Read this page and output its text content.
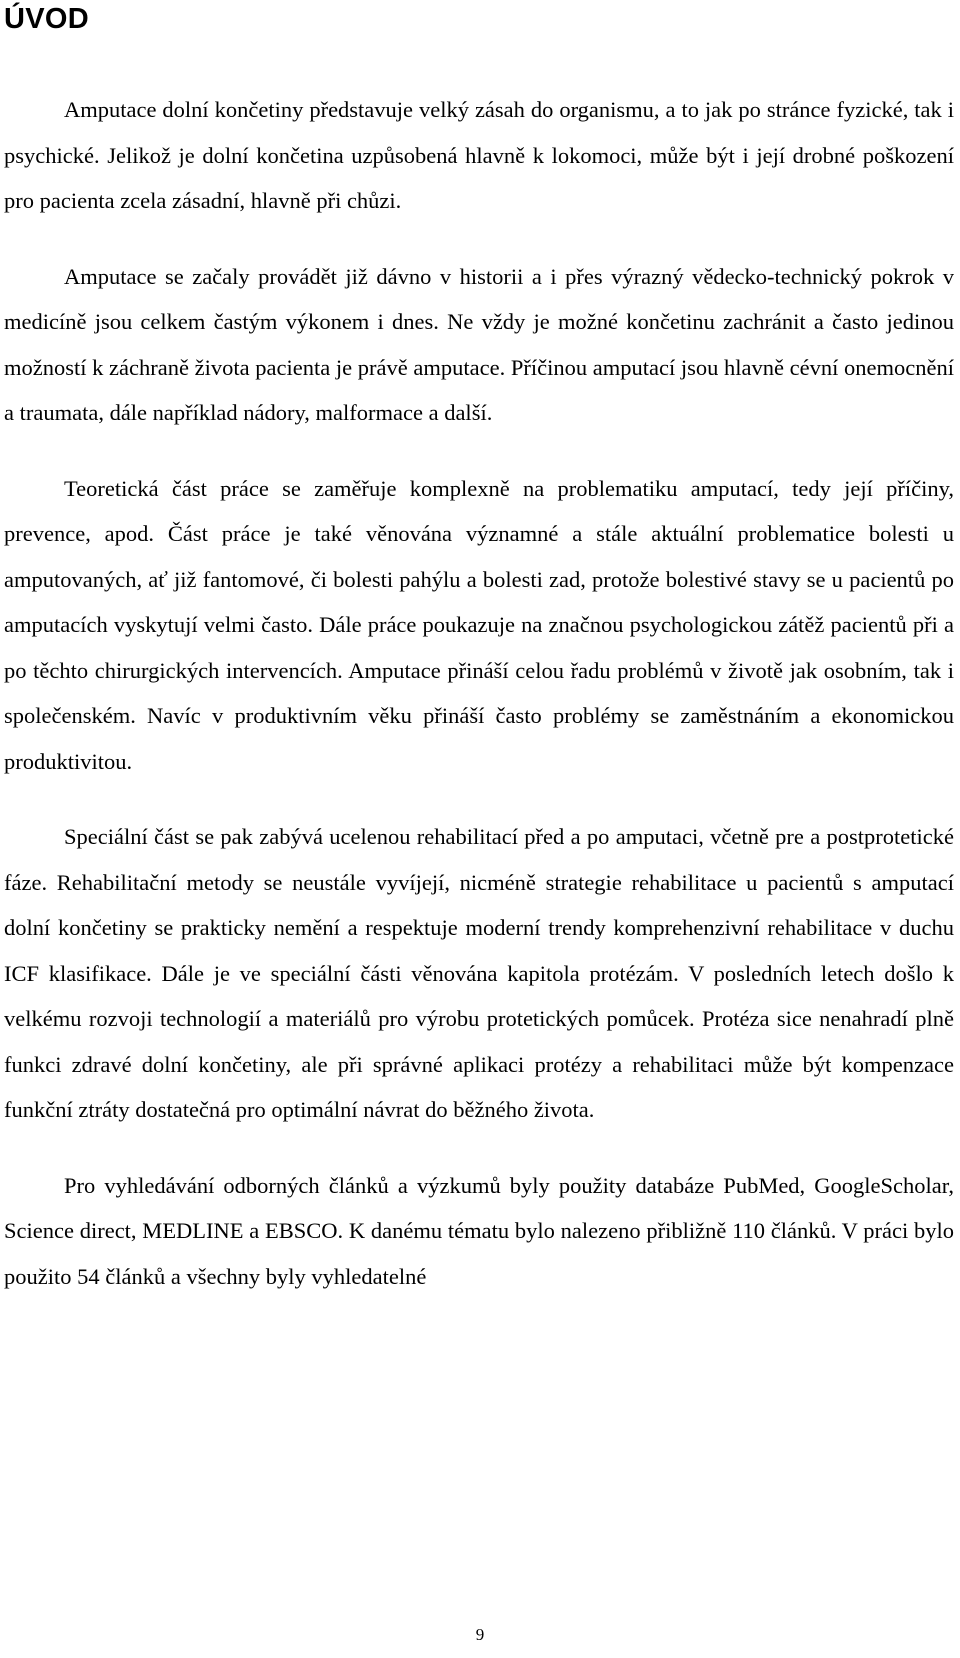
ÚVOD

Amputace dolní končetiny představuje velký zásah do organismu, a to jak po stránce fyzické, tak i psychické. Jelikož je dolní končetina uzpůsobená hlavně k lokomoci, může být i její drobné poškození pro pacienta zcela zásadní, hlavně při chůzi.

Amputace se začaly provádět již dávno v historii a i přes výrazný vědecko-technický pokrok v medicíně jsou celkem častým výkonem i dnes. Ne vždy je možné končetinu zachránit a často jedinou možností k záchraně života pacienta je právě amputace. Příčinou amputací jsou hlavně cévní onemocnění a traumata, dále například nádory, malformace a další.

Teoretická část práce se zaměřuje komplexně na problematiku amputací, tedy její příčiny, prevence, apod. Část práce je také věnována významné a stále aktuální problematice bolesti u amputovaných, ať již fantomové, či bolesti pahýlu a bolesti zad, protože bolestivé stavy se u pacientů po amputacích vyskytují velmi často. Dále práce poukazuje na značnou psychologickou zátěž pacientů při a po těchto chirurgických intervencích. Amputace přináší celou řadu problémů v životě jak osobním, tak i společenském. Navíc v produktivním věku přináší často problémy se zaměstnáním a ekonomickou produktivitou.

Speciální část se pak zabývá ucelenou rehabilitací před a po amputaci, včetně pre a postprotetické fáze. Rehabilitační metody se neustále vyvíjejí, nicméně strategie rehabilitace u pacientů s amputací dolní končetiny se prakticky nemění a respektuje moderní trendy komprehenzivní rehabilitace v duchu ICF klasifikace. Dále je ve speciální části věnována kapitola protézám. V posledních letech došlo k velkému rozvoji technologií a materiálů pro výrobu protetických pomůcek. Protéza sice nenahradí plně funkci zdravé dolní končetiny, ale při správné aplikaci protézy a rehabilitaci může být kompenzace funkční ztráty dostatečná pro optimální návrat do běžného života.

Pro vyhledávání odborných článků a výzkumů byly použity databáze PubMed, GoogleScholar, Science direct, MEDLINE a EBSCO. K danému tématu bylo nalezeno přibližně 110 článků. V práci bylo použito 54 článků a všechny byly vyhledatelné

9
